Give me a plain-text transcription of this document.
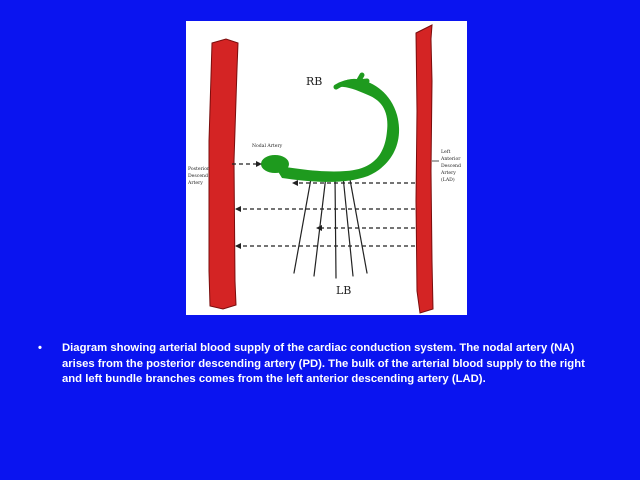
RB
LB
Nodal Artery
Posterior
Descend
Artery
Left
Anterior
Descend
Artery
(LAD)
•	Diagram showing arterial blood supply of the cardiac conduction system. The nodal artery (NA) arises from the posterior descending artery (PD). The bulk of the arterial blood supply to the right and left bundle branches comes from the left anterior descending artery (LAD).
